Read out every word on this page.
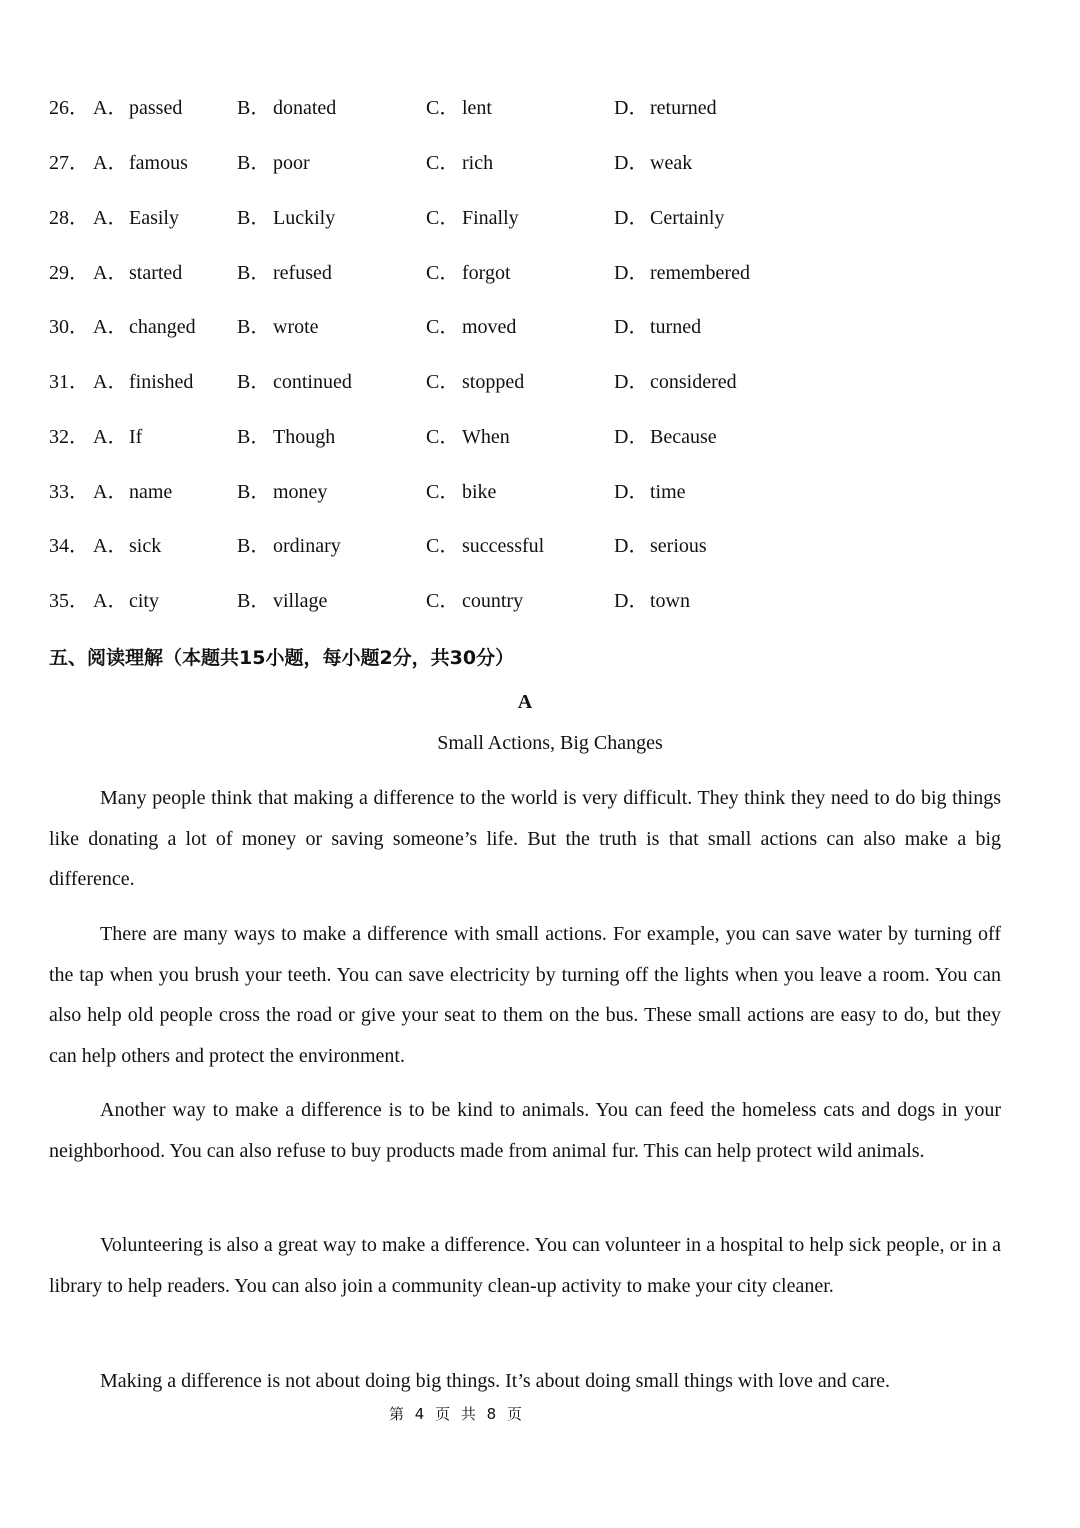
26． A．passed	B． donated	C． lent	D．returned
27． A．famous B． poor	C． rich	D．weak
28． A．Easily	B． Luckily	C． Finally	D．Certainly
29． A．started	B． refused	C． forgot	D．remembered
30． A．changed B． wrote	C． moved	D．turned
31． A．finished B． continued	C． stopped	D．considered
32． A．If	B． Though	C． When	D．Because
33． A．name	B． money	C． bike	D．time
34． A．sick	B． ordinary	C． successful	D．serious
35． A．city	B． village	C． country	D．town
五、阅读理解（本题共15小题，每小题2分，共30分）
A
Small Actions, Big Changes

Many people think that making a difference to the world is very difficult. They think they need to do big things like donating a lot of money or saving someone’s life. But the truth is that small actions can also make a big difference.

There are many ways to make a difference with small actions. For example, you can save water by turning off the tap when you brush your teeth. You can save electricity by turning off the lights when you leave a room. You can also help old people cross the road or give your seat to them on the bus. These small actions are easy to do, but they can help others and protect the environment.

Another way to make a difference is to be kind to animals. You can feed the homeless cats and dogs in your neighborhood. You can also refuse to buy products made from animal fur. This can help protect wild animals.

Volunteering is also a great way to make a difference. You can volunteer in a hospital to help sick people, or in a library to help readers. You can also join a community clean-up activity to make your city cleaner.

Making a difference is not about doing big things. It’s about doing small things with love and care.

第 4 页 共 8 页
